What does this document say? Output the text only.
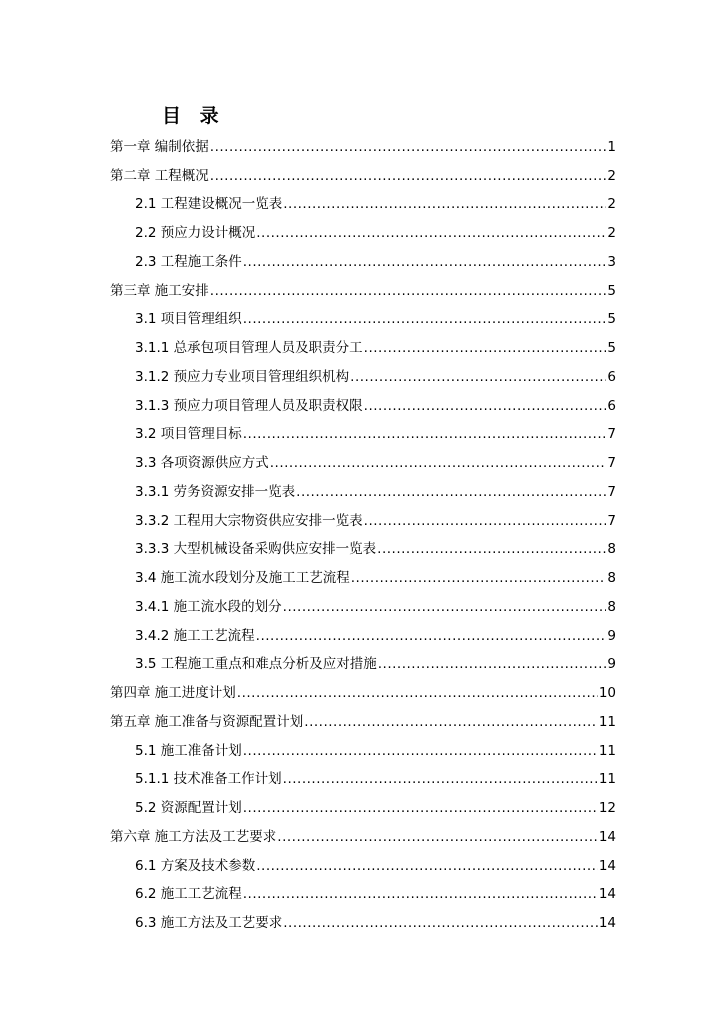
目 录
第一章 编制依据 .....	1
第二章 工程概况 .....	2
2.1 工程建设概况一览表 .....	2
2.2 预应力设计概况 .....	2
2.3 工程施工条件 .....	3
第三章 施工安排 .....	5
3.1 项目管理组织 .....	5
3.1.1 总承包项目管理人员及职责分工 .....	5
3.1.2 预应力专业项目管理组织机构 .....	6
3.1.3 预应力项目管理人员及职责权限 .....	6
3.2 项目管理目标 .....	7
3.3 各项资源供应方式 .....	7
3.3.1 劳务资源安排一览表 .....	7
3.3.2 工程用大宗物资供应安排一览表 .....	7
3.3.3 大型机械设备采购供应安排一览表 .....	8
3.4 施工流水段划分及施工工艺流程 .....	8
3.4.1 施工流水段的划分 .....	8
3.4.2 施工工艺流程 .....	9
3.5 工程施工重点和难点分析及应对措施 .....	9
第四章 施工进度计划 .....	10
第五章 施工准备与资源配置计划 .....	11
5.1 施工准备计划 .....	11
5.1.1 技术准备工作计划 .....	11
5.2 资源配置计划 .....	12
第六章 施工方法及工艺要求 .....	14
6.1 方案及技术参数 .....	14
6.2 施工工艺流程 .....	14
6.3 施工方法及工艺要求 .....	14
